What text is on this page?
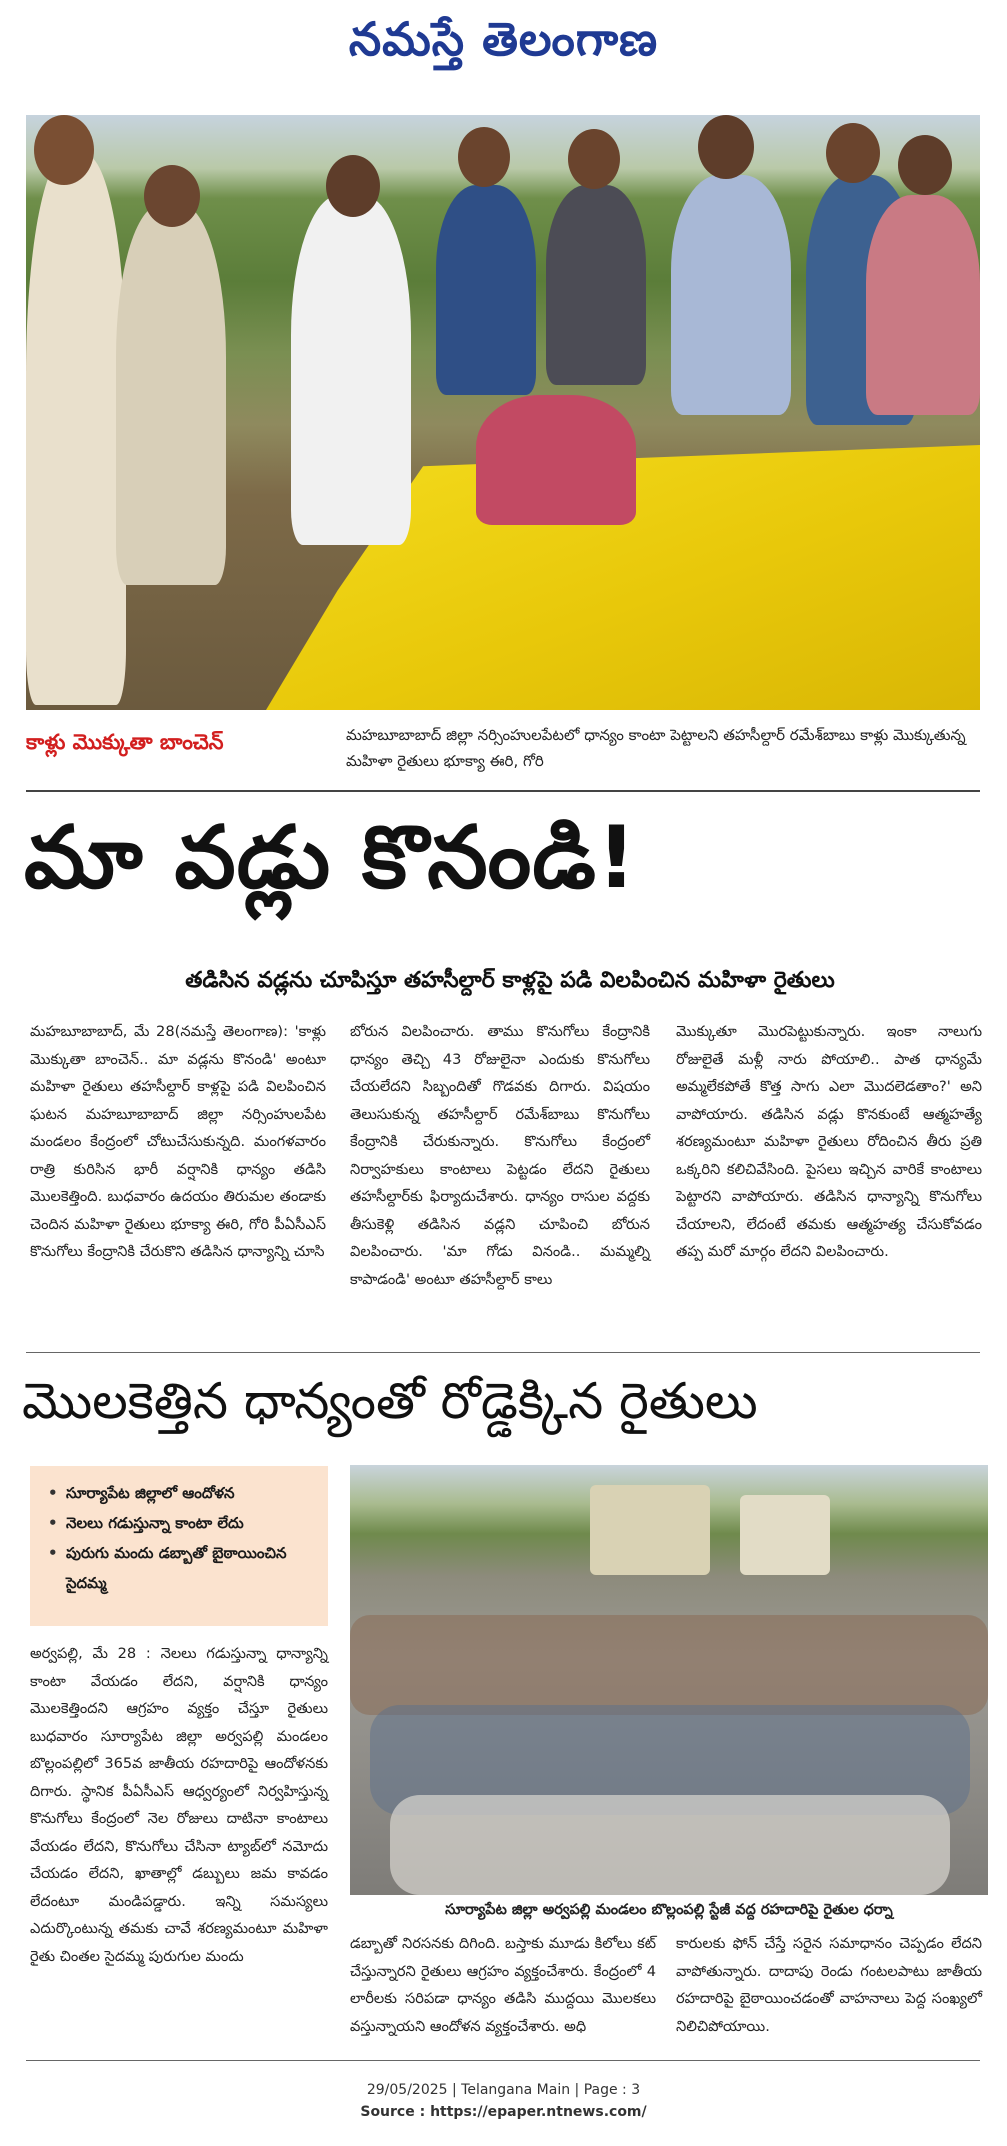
నమస్తే తెలంగాణ
కాళ్లు మొక్కుతా బాంచెన్	మహబూబాబాద్ జిల్లా నర్సింహులపేటలో ధాన్యం కాంటా పెట్టాలని తహసీల్దార్ రమేశ్‌బాబు కాళ్లు మొక్కుతున్న మహిళా రైతులు భూక్యా ఈరి, గోరి
మా వడ్లు కొనండి!
తడిసిన వడ్లను చూపిస్తూ తహసీల్దార్ కాళ్లపై పడి విలపించిన మహిళా రైతులు
మహబూబాబాద్, మే 28(నమస్తే తెలంగాణ): 'కాళ్లు మొక్కుతా బాంచెన్.. మా వడ్లను కొనండి' అంటూ మహిళా రైతులు తహసీల్దార్ కాళ్లపై పడి విలపించిన ఘటన మహబూబాబాద్ జిల్లా నర్సింహులపేట మండలం కేంద్రంలో చోటుచేసుకున్నది. మంగళవారం రాత్రి కురిసిన భారీ వర్షానికి ధాన్యం తడిసి మొలకెత్తింది. బుధవారం ఉదయం తిరుమల తండాకు చెందిన మహిళా రైతులు భూక్యా ఈరి, గోరి పీఏసీఎస్ కొనుగోలు కేంద్రానికి చేరుకొని తడిసిన ధాన్యాన్ని చూసి
బోరున విలపించారు. తాము కొనుగోలు కేంద్రానికి ధాన్యం తెచ్చి 43 రోజులైనా ఎందుకు కొనుగోలు చేయలేదని సిబ్బందితో గొడవకు దిగారు. విషయం తెలుసుకున్న తహసీల్దార్ రమేశ్‌బాబు కొనుగోలు కేంద్రానికి చేరుకున్నారు. కొనుగోలు కేంద్రంలో నిర్వాహకులు కాంటాలు పెట్టడం లేదని రైతులు తహసీల్దార్‌కు ఫిర్యాదుచేశారు. ధాన్యం రాసుల వద్దకు తీసుకెళ్లి తడిసిన వడ్లని చూపించి బోరున విలపించారు. 'మా గోడు వినండి.. మమ్మల్ని కాపాడండి' అంటూ తహసీల్దార్ కాలు
మొక్కుతూ మొరపెట్టుకున్నారు. ఇంకా నాలుగు రోజులైతే మళ్లీ నారు పోయాలి.. పాత ధాన్యమే అమ్మలేకపోతే కొత్త సాగు ఎలా మొదలెడతాం?' అని వాపోయారు. తడిసిన వడ్లు కొనకుంటే ఆత్మహత్యే శరణ్యమంటూ మహిళా రైతులు రోదించిన తీరు ప్రతి ఒక్కరిని కలిచివేసింది. పైసలు ఇచ్చిన వారికే కాంటాలు పెట్టారని వాపోయారు. తడిసిన ధాన్యాన్ని కొనుగోలు చేయాలని, లేదంటే తమకు ఆత్మహత్య చేసుకోవడం తప్ప మరో మార్గం లేదని విలపించారు.
మొలకెత్తిన ధాన్యంతో రోడ్డెక్కిన రైతులు
• సూర్యాపేట జిల్లాలో ఆందోళన
• నెలలు గడుస్తున్నా కాంటా లేదు
• పురుగు మందు డబ్బాతో బైఠాయించిన సైదమ్మ
సూర్యాపేట జిల్లా అర్వపల్లి మండలం బొల్లంపల్లి స్టేజీ వద్ద రహదారిపై రైతుల ధర్నా
అర్వపల్లి, మే 28 : నెలలు గడుస్తున్నా ధాన్యాన్ని కాంటా వేయడం లేదని, వర్షానికి ధాన్యం మొలకెత్తిందని ఆగ్రహం వ్యక్తం చేస్తూ రైతులు బుధవారం సూర్యాపేట జిల్లా అర్వపల్లి మండలం బొల్లంపల్లిలో 365వ జాతీయ రహదారిపై ఆందోళనకు దిగారు. స్థానిక పీఏసీఎస్ ఆధ్వర్యంలో నిర్వహిస్తున్న కొనుగోలు కేంద్రంలో నెల రోజులు దాటినా కాంటాలు వేయడం లేదని, కొనుగోలు చేసినా ట్యాబ్‌లో నమోదు చేయడం లేదని, ఖాతాల్లో డబ్బులు జమ కావడం లేదంటూ మండిపడ్డారు. ఇన్ని సమస్యలు ఎదుర్కొంటున్న తమకు చావే శరణ్యమంటూ మహిళా రైతు చింతల సైదమ్మ పురుగుల మందు
డబ్బాతో నిరసనకు దిగింది. బస్తాకు మూడు కిలోలు కట్ చేస్తున్నారని రైతులు ఆగ్రహం వ్యక్తంచేశారు. కేంద్రంలో 4 లారీలకు సరిపడా ధాన్యం తడిసి ముద్దయి మొలకలు వస్తున్నాయని ఆందోళన వ్యక్తంచేశారు. అధి
కారులకు ఫోన్ చేస్తే సరైన సమాధానం చెప్పడం లేదని వాపోతున్నారు. దాదాపు రెండు గంటలపాటు జాతీయ రహదారిపై బైఠాయించడంతో వాహనాలు పెద్ద సంఖ్యలో నిలిచిపోయాయి.
29/05/2025 | Telangana Main | Page : 3
Source : https://epaper.ntnews.com/
